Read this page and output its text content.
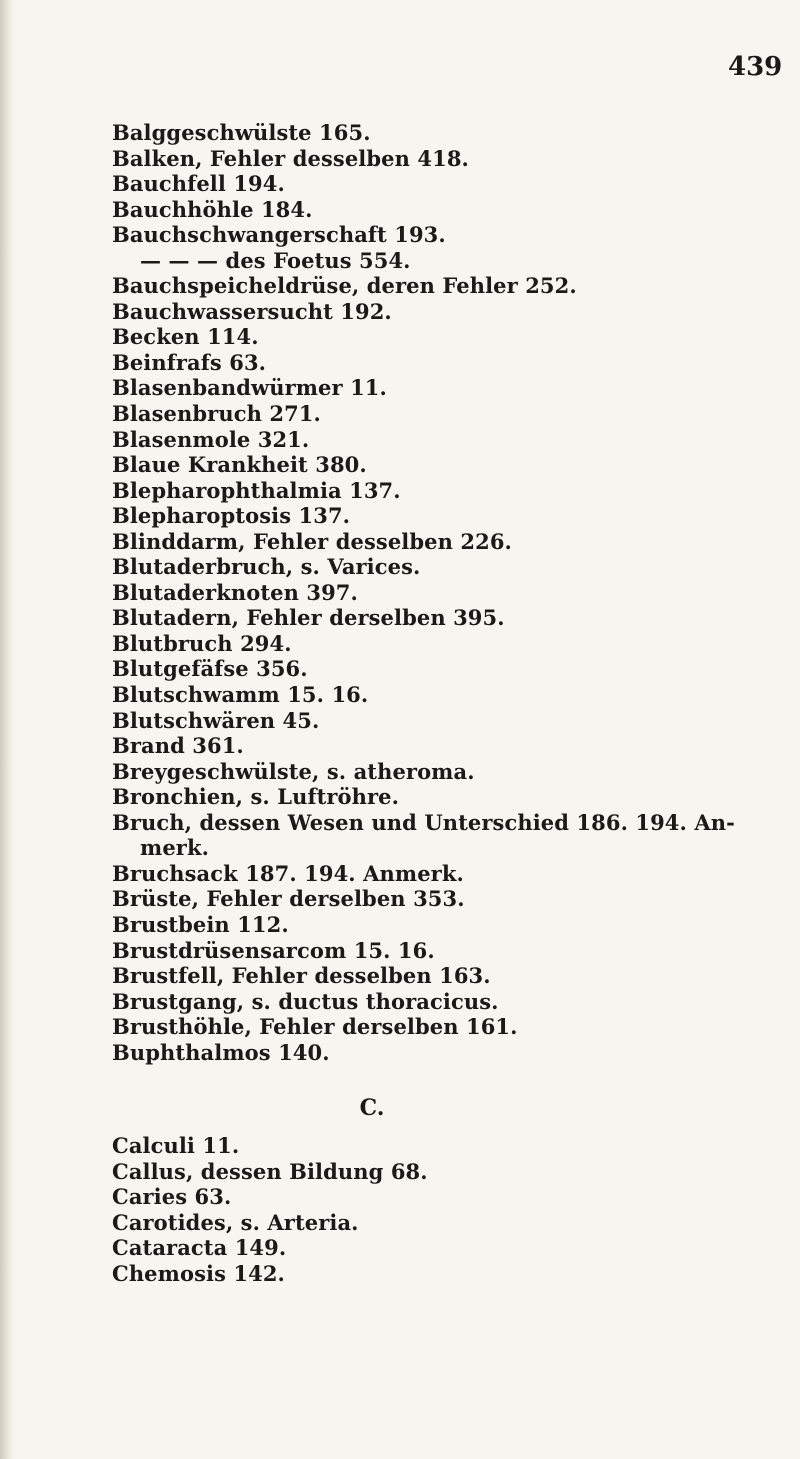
439
Balggeschwülste 165.
Balken, Fehler desselben 418.
Bauchfell 194.
Bauchhöhle 184.
Bauchschwangerschaft 193.
— — — des Foetus 554.
Bauchspeicheldrüse, deren Fehler 252.
Bauchwassersucht 192.
Becken 114.
Beinfrafs 63.
Blasenbandwürmer 11.
Blasenbruch 271.
Blasenmole 321.
Blaue Krankheit 380.
Blepharophthalmia 137.
Blepharoptosis 137.
Blinddarm, Fehler desselben 226.
Blutaderbruch, s. Varices.
Blutaderknoten 397.
Blutadern, Fehler derselben 395.
Blutbruch 294.
Blutgefäfse 356.
Blutschwamm 15. 16.
Blutschwären 45.
Brand 361.
Breygeschwülste, s. atheroma.
Bronchien, s. Luftröhre.
Bruch, dessen Wesen und Unterschied 186. 194. An-
merk.
Bruchsack 187. 194. Anmerk.
Brüste, Fehler derselben 353.
Brustbein 112.
Brustdrüsensarcom 15. 16.
Brustfell, Fehler desselben 163.
Brustgang, s. ductus thoracicus.
Brusthöhle, Fehler derselben 161.
Buphthalmos 140.
C.
Calculi 11.
Callus, dessen Bildung 68.
Caries 63.
Carotides, s. Arteria.
Cataracta 149.
Chemosis 142.
